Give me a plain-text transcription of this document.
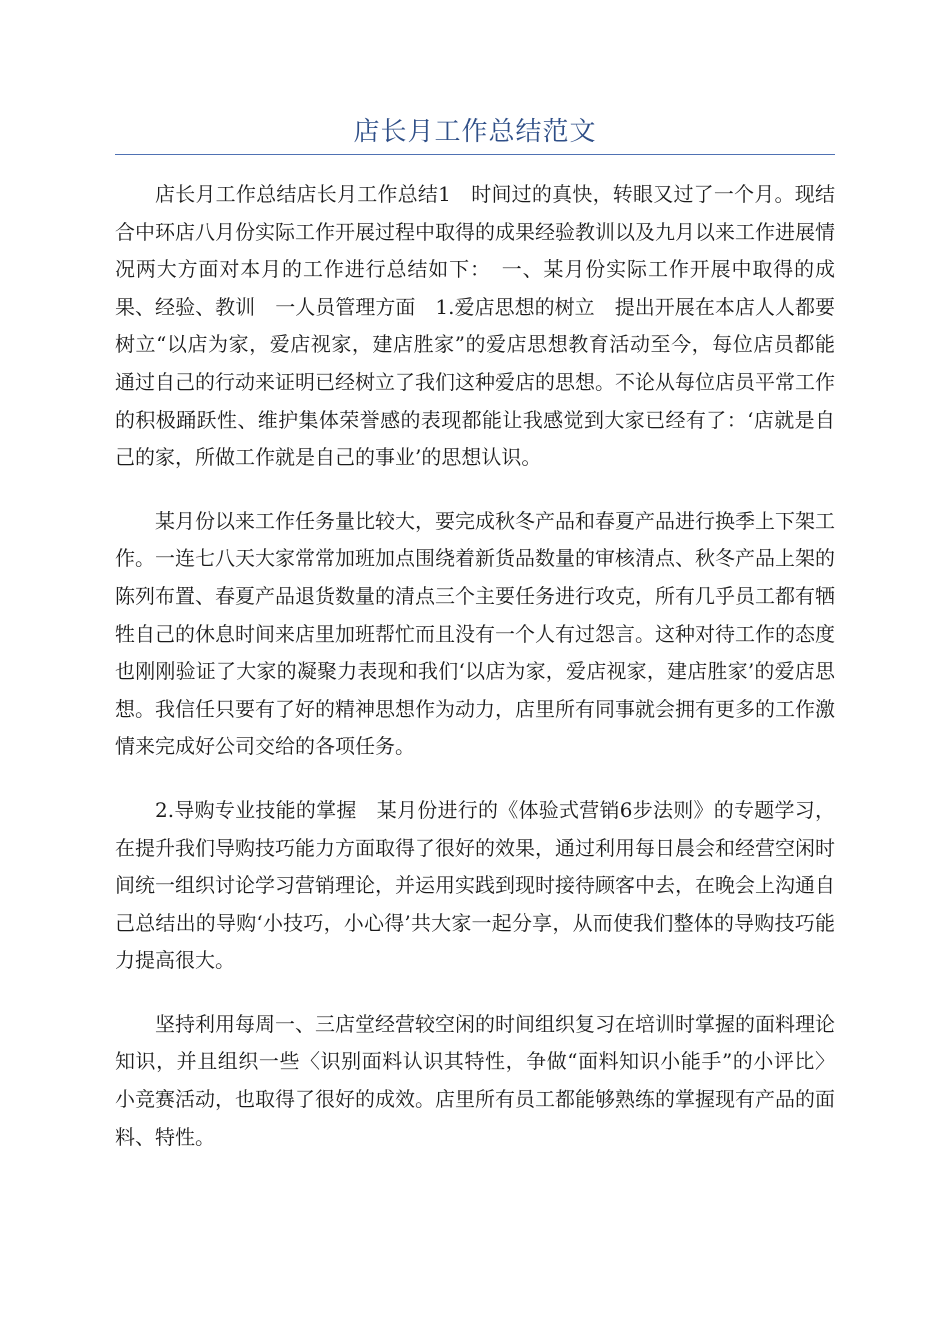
店长月工作总结范文

店长月工作总结店长月工作总结1　时间过的真快，转眼又过了一个月。现结合中环店八月份实际工作开展过程中取得的成果经验教训以及九月以来工作进展情况两大方面对本月的工作进行总结如下：　一、某月份实际工作开展中取得的成果、经验、教训　一人员管理方面　1.爱店思想的树立　提出开展在本店人人都要树立“以店为家，爱店视家，建店胜家”的爱店思想教育活动至今，每位店员都能通过自己的行动来证明已经树立了我们这种爱店的思想。不论从每位店员平常工作的积极踊跃性、维护集体荣誉感的表现都能让我感觉到大家已经有了：‘店就是自己的家，所做工作就是自己的事业’的思想认识。

某月份以来工作任务量比较大，要完成秋冬产品和春夏产品进行换季上下架工作。一连七八天大家常常加班加点围绕着新货品数量的审核清点、秋冬产品上架的陈列布置、春夏产品退货数量的清点三个主要任务进行攻克，所有几乎员工都有牺牲自己的休息时间来店里加班帮忙而且没有一个人有过怨言。这种对待工作的态度也刚刚验证了大家的凝聚力表现和我们‘以店为家，爱店视家，建店胜家’的爱店思想。我信任只要有了好的精神思想作为动力，店里所有同事就会拥有更多的工作激情来完成好公司交给的各项任务。

2.导购专业技能的掌握　某月份进行的《体验式营销6步法则》的专题学习，在提升我们导购技巧能力方面取得了很好的效果，通过利用每日晨会和经营空闲时间统一组织讨论学习营销理论，并运用实践到现时接待顾客中去，在晚会上沟通自己总结出的导购‘小技巧，小心得’共大家一起分享，从而使我们整体的导购技巧能力提高很大。

坚持利用每周一、三店堂经营较空闲的时间组织复习在培训时掌握的面料理论知识，并且组织一些〈识别面料认识其特性，争做“面料知识小能手”的小评比〉小竞赛活动，也取得了很好的成效。店里所有员工都能够熟练的掌握现有产品的面料、特性。
